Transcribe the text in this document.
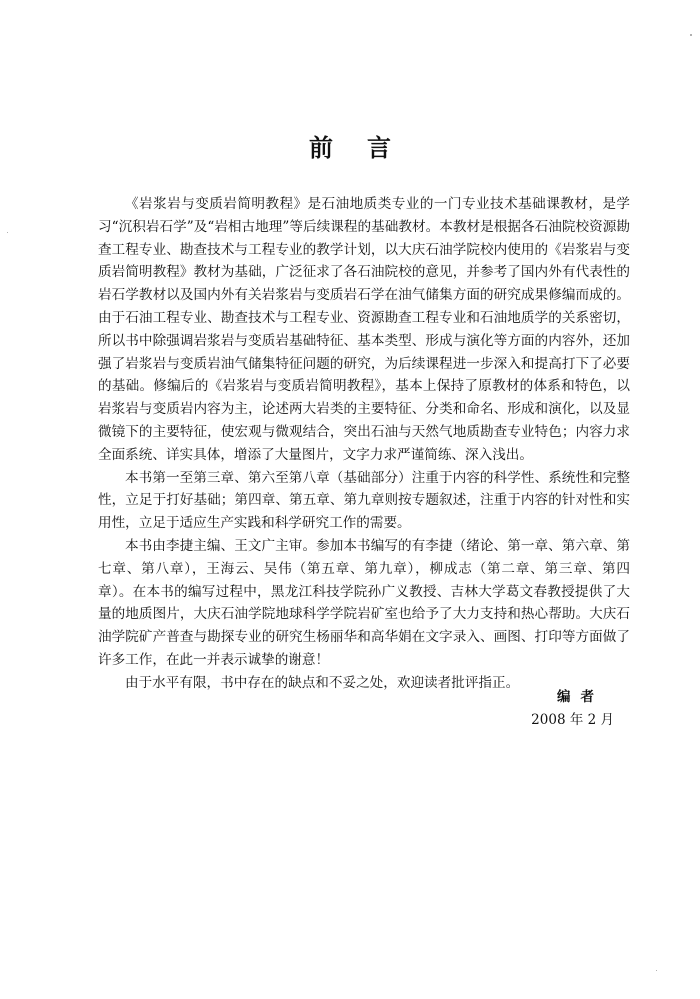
前言

《岩浆岩与变质岩简明教程》是石油地质类专业的一门专业技术基础课教材，是学习“沉积岩石学”及“岩相古地理”等后续课程的基础教材。本教材是根据各石油院校资源勘查工程专业、勘查技术与工程专业的教学计划，以大庆石油学院校内使用的《岩浆岩与变质岩简明教程》教材为基础，广泛征求了各石油院校的意见，并参考了国内外有代表性的岩石学教材以及国内外有关岩浆岩与变质岩石学在油气储集方面的研究成果修编而成的。由于石油工程专业、勘查技术与工程专业、资源勘查工程专业和石油地质学的关系密切，所以书中除强调岩浆岩与变质岩基础特征、基本类型、形成与演化等方面的内容外，还加强了岩浆岩与变质岩油气储集特征问题的研究，为后续课程进一步深入和提高打下了必要的基础。修编后的《岩浆岩与变质岩简明教程》，基本上保持了原教材的体系和特色，以岩浆岩与变质岩内容为主，论述两大岩类的主要特征、分类和命名、形成和演化，以及显微镜下的主要特征，使宏观与微观结合，突出石油与天然气地质勘查专业特色；内容力求全面系统、详实具体，增添了大量图片，文字力求严谨简练、深入浅出。

本书第一至第三章、第六至第八章（基础部分）注重于内容的科学性、系统性和完整性，立足于打好基础；第四章、第五章、第九章则按专题叙述，注重于内容的针对性和实用性，立足于适应生产实践和科学研究工作的需要。

本书由李捷主编、王文广主审。参加本书编写的有李捷（绪论、第一章、第六章、第七章、第八章），王海云、吴伟（第五章、第九章），柳成志（第二章、第三章、第四章）。在本书的编写过程中，黑龙江科技学院孙广义教授、吉林大学葛文春教授提供了大量的地质图片，大庆石油学院地球科学学院岩矿室也给予了大力支持和热心帮助。大庆石油学院矿产普查与勘探专业的研究生杨丽华和高华娟在文字录入、画图、打印等方面做了许多工作，在此一并表示诚挚的谢意！

由于水平有限，书中存在的缺点和不妥之处，欢迎读者批评指正。

编者
2008 年 2 月
